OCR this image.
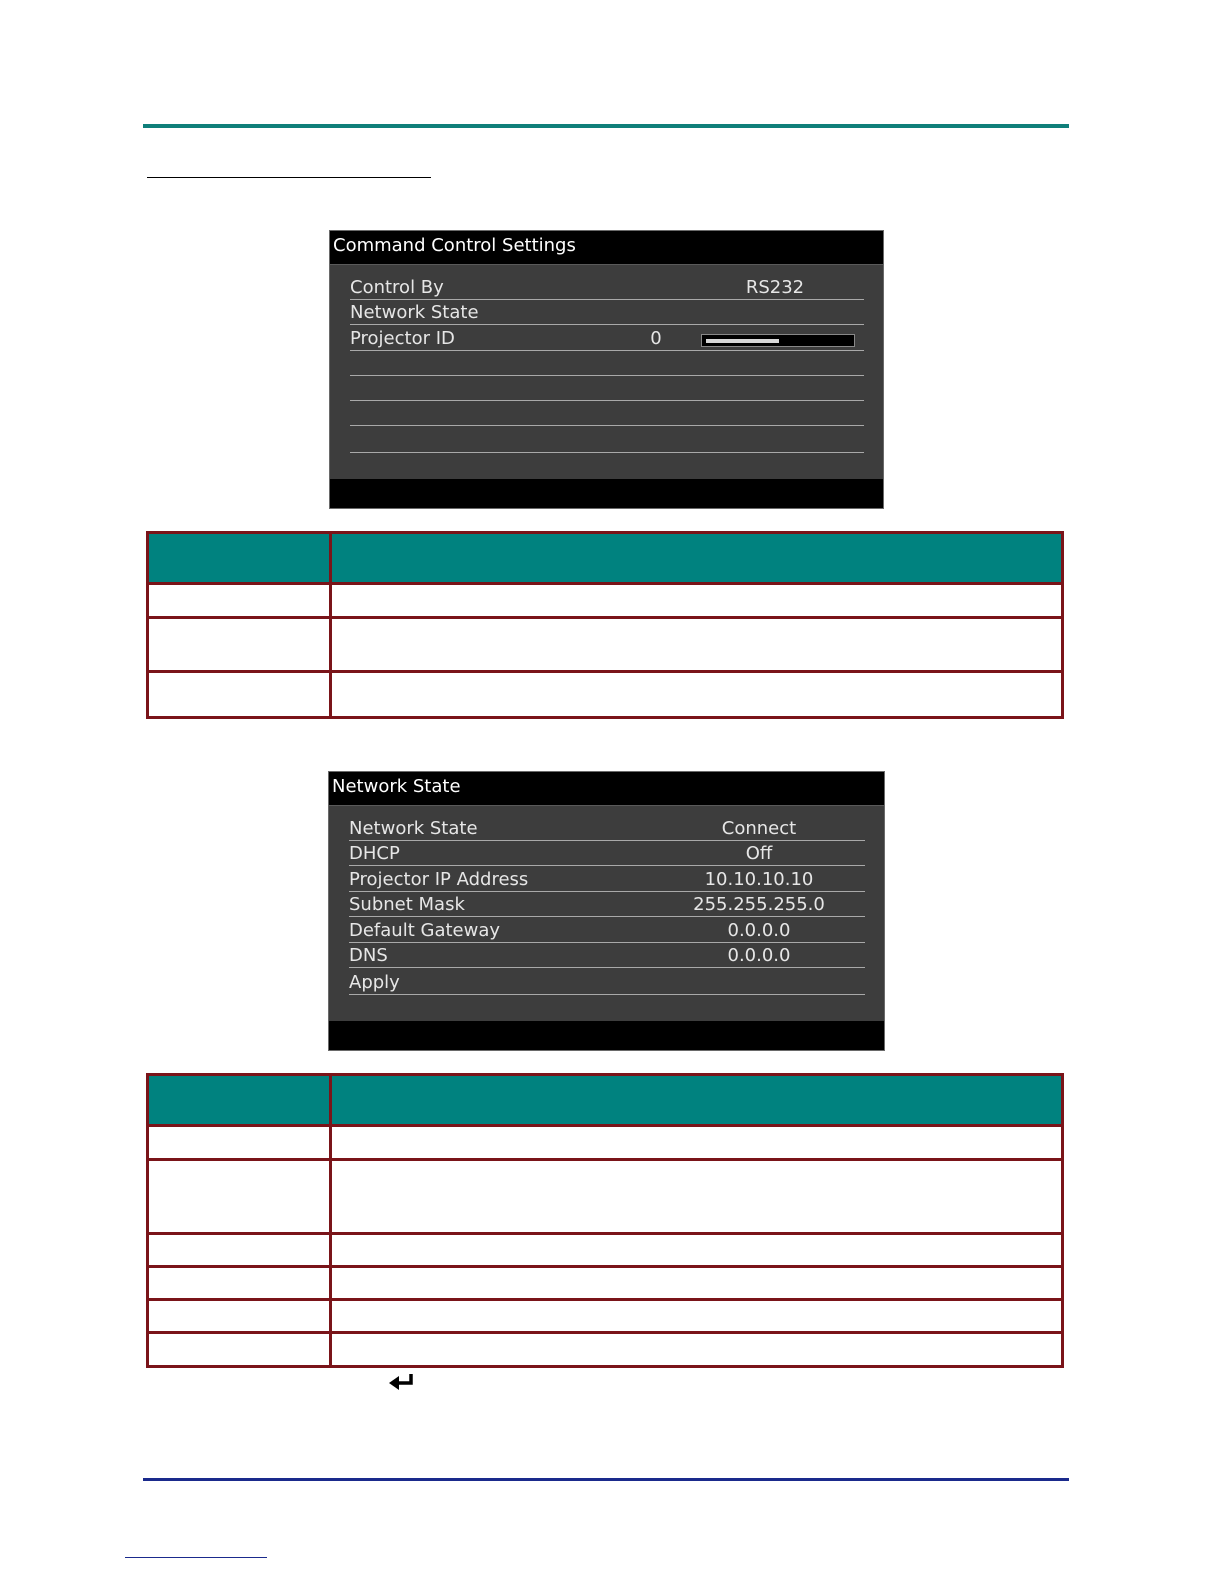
Command Control Settings
Control By	RS232
Network State
Projector ID	0

Network State
Network State	Connect
DHCP	Off
Projector IP Address	10.10.10.10
Subnet Mask	255.255.255.0
Default Gateway	0.0.0.0
DNS	0.0.0.0
Apply
